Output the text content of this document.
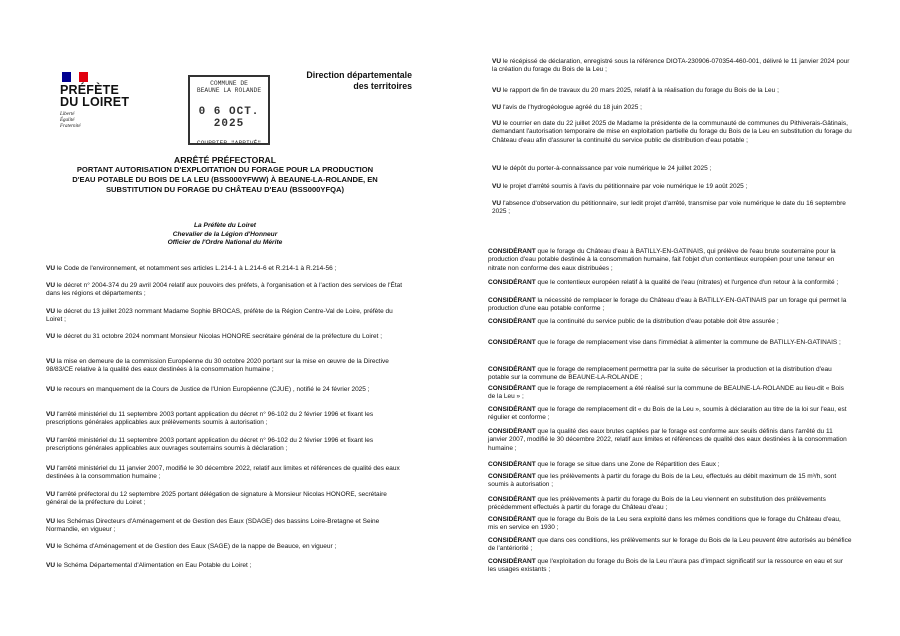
PRÉFÈTE
DU LOIRET
Liberté
Égalité
Fraternité
COMMUNE DE
BEAUNE LA ROLANDE
0 6 OCT. 2025
COURRIER "ARRIVÉ"
Direction départementale
des territoires
ARRÊTÉ PRÉFECTORAL
PORTANT AUTORISATION D'EXPLOITATION DU FORAGE POUR LA PRODUCTION
D'EAU POTABLE DU BOIS DE LA LEU (BSS000YFWW) À BEAUNE-LA-ROLANDE, EN
SUBSTITUTION DU FORAGE DU CHÂTEAU D'EAU (BSS000YFQA)
La Préfète du Loiret
Chevalier de la Légion d'Honneur
Officier de l'Ordre National du Mérite
VU le Code de l'environnement, et notamment ses articles L.214-1 à L.214-6 et R.214-1 à R.214-56 ;
VU le décret n° 2004-374 du 29 avril 2004 relatif aux pouvoirs des préfets, à l'organisation et à l'action des services de l'État dans les régions et départements ;
VU le décret du 13 juillet 2023 nommant Madame Sophie BROCAS, préfète de la Région Centre-Val de Loire, préfète du Loiret ;
VU le décret du 31 octobre 2024 nommant Monsieur Nicolas HONORE secrétaire général de la préfecture du Loiret ;
VU la mise en demeure de la commission Européenne du 30 octobre 2020 portant sur la mise en œuvre de la Directive 98/83/CE relative à la qualité des eaux destinées à la consommation humaine ;
VU le recours en manquement de la Cours de Justice de l'Union Européenne (CJUE) , notifié le 24 février 2025 ;
VU l'arrêté ministériel du 11 septembre 2003 portant application du décret n° 96-102 du 2 février 1996 et fixant les prescriptions générales applicables aux prélèvements soumis à autorisation ;
VU l'arrêté ministériel du 11 septembre 2003 portant application du décret n° 96-102 du 2 février 1996 et fixant les prescriptions générales applicables aux ouvrages souterrains soumis à déclaration ;
VU l'arrêté ministériel du 11 janvier 2007, modifié le 30 décembre 2022, relatif aux limites et références de qualité des eaux destinées à la consommation humaine ;
VU l'arrêté préfectoral du 12 septembre 2025 portant délégation de signature à Monsieur Nicolas HONORE, secrétaire général de la préfecture du Loiret ;
VU les Schémas Directeurs d'Aménagement et de Gestion des Eaux (SDAGE) des bassins Loire-Bretagne et Seine Normandie, en vigueur ;
VU le Schéma d'Aménagement et de Gestion des Eaux (SAGE) de la nappe de Beauce, en vigueur ;
VU le Schéma Départemental d'Alimentation en Eau Potable du Loiret ;
VU le récépissé de déclaration, enregistré sous la référence DIOTA-230906-070354-460-001, délivré le 11 janvier 2024 pour la création du forage du Bois de la Leu ;
VU le rapport de fin de travaux du 20 mars 2025, relatif à la réalisation du forage du Bois de la Leu ;
VU l'avis de l'hydrogéologue agréé du 18 juin 2025 ;
VU le courrier en date du 22 juillet 2025 de Madame la présidente de la communauté de communes du Pithiverais-Gâtinais, demandant l'autorisation temporaire de mise en exploitation partielle du forage du Bois de la Leu en substitution du forage du Château d'eau afin d'assurer la continuité du service public de distribution d'eau potable ;
VU le dépôt du porter-à-connaissance par voie numérique le 24 juillet 2025 ;
VU le projet d'arrêté soumis à l'avis du pétitionnaire par voie numérique le 19 août 2025 ;
VU l'absence d'observation du pétitionnaire, sur ledit projet d'arrêté, transmise par voie numérique le date du 16 septembre 2025 ;
CONSIDÉRANT que le forage du Château d'eau à BATILLY-EN-GATINAIS, qui prélève de l'eau brute souterraine pour la production d'eau potable destinée à la consommation humaine, fait l'objet d'un contentieux européen pour une teneur en nitrate non conforme des eaux distribuées ;
CONSIDÉRANT que le contentieux européen relatif à la qualité de l'eau (nitrates) et l'urgence d'un retour à la conformité ;
CONSIDÉRANT la nécessité de remplacer le forage du Château d'eau à BATILLY-EN-GATINAIS par un forage qui permet la production d'une eau potable conforme ;
CONSIDÉRANT que la continuité du service public de la distribution d'eau potable doit être assurée ;
CONSIDÉRANT que le forage de remplacement vise dans l'immédiat à alimenter la commune de BATILLY-EN-GATINAIS ;
CONSIDÉRANT que le forage de remplacement permettra par la suite de sécuriser la production et la distribution d'eau potable sur la commune de BEAUNE-LA-ROLANDE ;
CONSIDÉRANT que le forage de remplacement a été réalisé sur la commune de BEAUNE-LA-ROLANDE au lieu-dit « Bois de la Leu » ;
CONSIDÉRANT que le forage de remplacement dit « du Bois de la Leu », soumis à déclaration au titre de la loi sur l'eau, est régulier et conforme ;
CONSIDÉRANT que la qualité des eaux brutes captées par le forage est conforme aux seuils définis dans l'arrêté du 11 janvier 2007, modifié le 30 décembre 2022, relatif aux limites et références de qualité des eaux destinées à la consommation humaine ;
CONSIDÉRANT que le forage se situe dans une Zone de Répartition des Eaux ;
CONSIDÉRANT que les prélèvements à partir du forage du Bois de la Leu, effectués au débit maximum de 15 m³/h, sont soumis à autorisation ;
CONSIDÉRANT que les prélèvements à partir du forage du Bois de la Leu viennent en substitution des prélèvements précédemment effectués à partir du forage du Château d'eau ;
CONSIDÉRANT que le forage du Bois de la Leu sera exploité dans les mêmes conditions que le forage du Château d'eau, mis en service en 1930 ;
CONSIDÉRANT que dans ces conditions, les prélèvements sur le forage du Bois de la Leu peuvent être autorisés au bénéfice de l'antériorité ;
CONSIDÉRANT que l'exploitation du forage du Bois de la Leu n'aura pas d'impact significatif sur la ressource en eau et sur les usages existants ;
